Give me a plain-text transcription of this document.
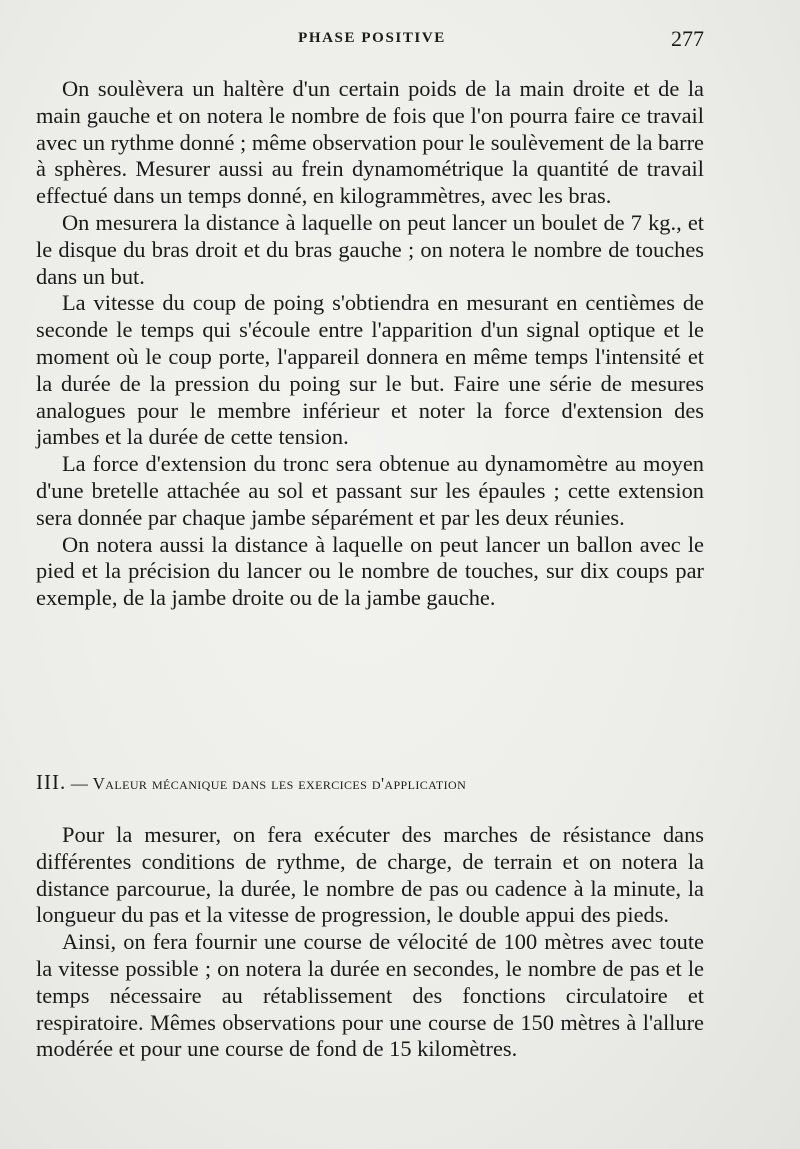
PHASE POSITIVE	277

On soulèvera un haltère d'un certain poids de la main droite et de la main gauche et on notera le nombre de fois que l'on pourra faire ce travail avec un rythme donné ; même observation pour le soulèvement de la barre à sphères. Mesurer aussi au frein dynamométrique la quantité de travail effectué dans un temps donné, en kilogrammètres, avec les bras.

On mesurera la distance à laquelle on peut lancer un boulet de 7 kg., et le disque du bras droit et du bras gauche ; on notera le nombre de touches dans un but.

La vitesse du coup de poing s'obtiendra en mesurant en centièmes de seconde le temps qui s'écoule entre l'apparition d'un signal optique et le moment où le coup porte, l'appareil donnera en même temps l'intensité et la durée de la pression du poing sur le but. Faire une série de mesures analogues pour le membre inférieur et noter la force d'extension des jambes et la durée de cette tension.

La force d'extension du tronc sera obtenue au dynamomètre au moyen d'une bretelle attachée au sol et passant sur les épaules ; cette extension sera donnée par chaque jambe séparément et par les deux réunies.

On notera aussi la distance à laquelle on peut lancer un ballon avec le pied et la précision du lancer ou le nombre de touches, sur dix coups par exemple, de la jambe droite ou de la jambe gauche.

III. — Valeur mécanique dans les exercices d'application

Pour la mesurer, on fera exécuter des marches de résistance dans différentes conditions de rythme, de charge, de terrain et on notera la distance parcourue, la durée, le nombre de pas ou cadence à la minute, la longueur du pas et la vitesse de progression, le double appui des pieds.

Ainsi, on fera fournir une course de vélocité de 100 mètres avec toute la vitesse possible ; on notera la durée en secondes, le nombre de pas et le temps nécessaire au rétablissement des fonctions circulatoire et respiratoire. Mêmes observations pour une course de 150 mètres à l'allure modérée et pour une course de fond de 15 kilomètres.
